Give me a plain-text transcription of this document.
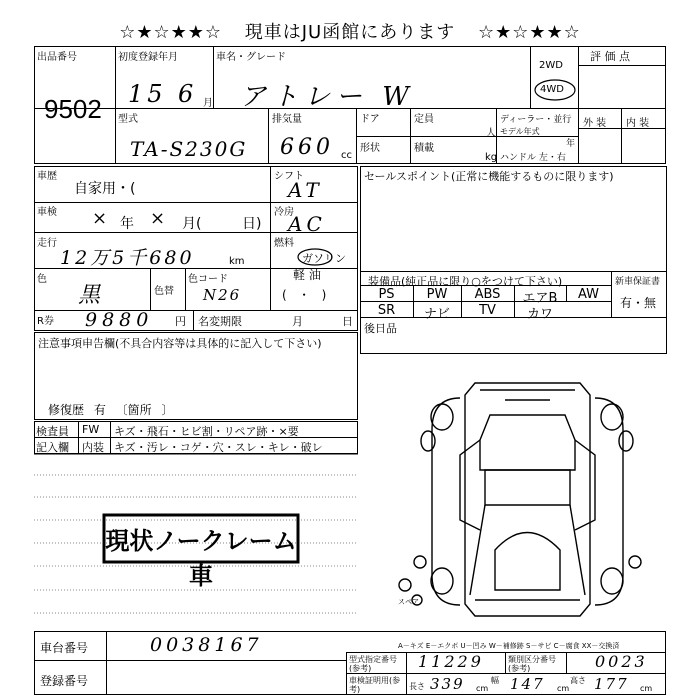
☆★☆★★☆ 現車はJU函館にあります ☆★☆★★☆
出品番号
9502
初度登録年月
15 6 月
車名・グレード
アトレー W
2WD
4WD
評 価 点
型式
TA-S230G
排気量
660 cc
ドア	定員
人
形状	積載
kg
ディーラー・並行
モデル年式
年
ハンドル 左・右
外 装 内 装
車歴
自家用・(
シフト
AT
車検 × 年 × 月(	日)
冷房
AC
走行
12万5千680	km
燃料
ガソリン
軽 油
(   ・   )
色
黒	色替
色コード
N26
R券 9880 円 名変期限	月	日
セールスポイント(正常に機能するものに限ります)
装備品(純正品に限り○をつけて下さい)	新車保証書
有・無
PS	PW	ABS	エアB	AW
SR	ナビ	TV	カワ
後日品
注意事項申告欄(不具合内容等は具体的に記入して下さい)
修復歴 有 〔箇所 〕
検査員
記入欄
FW キズ・飛石・ヒビ割・リペア跡・×要
内装 キズ・汚レ・コゲ・穴・スレ・キレ・破レ
現状ノークレーム車
スペア
A－キズ E－エクボ U－凹み W－補修跡 S－サビ C－腐食 XX－交換済
車台番号	0038167
登録番号
型式指定番号(参考)	11229	類別区分番号(参考)	0023
車検証明用(参考)	長さ 339 cm
幅 147 cm
高さ 177 cm
